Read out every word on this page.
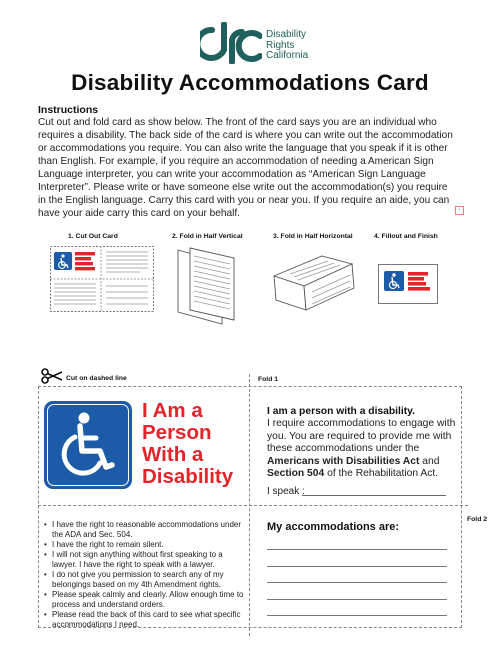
Disability
Rights
California
Disability Accommodations Card
Instructions
Cut out and fold card as show below. The front of the card says you are an individual who requires a disability. The back side of the card is where you can write out the accommodation or accommodations you require. You can also write the language that you speak if it is other than English. For example, if you require an accommodation of needing a American Sign Language interpreter, you can write your accommodation as “American Sign Language Interpreter”. Please write or have someone else write out the accommodation(s) you require in the English language. Carry this card with you or near you. If you require an aide, you can have your aide carry this card on your behalf.	+
1. Cut Out Card	2. Fold in Half Vertical	3. Fold in Half Horizontal	4. Fillout and Finish
Cut on dashed line	Fold 1
Fold 2
I Am a
Person
With a
Disability
• I have the right to reasonable accommodations under the ADA and Sec. 504.
• I have the right to remain silent.
• I will not sign anything without first speaking to a lawyer. I have the right to speak with a lawyer.
• I do not give you permission to search any of my belongings based on my 4th Amendment rights.
• Please speak calmly and clearly. Allow enough time to process and understand orders.
• Please read the back of this card to see what specific accommodations I need.
I am a person with a disability.
I require accommodations to engage with you. You are required to provide me with these accommodations under the Americans with Disabilities Act and Section 504 of the Rehabilitation Act.
I speak :
My accommodations are:
